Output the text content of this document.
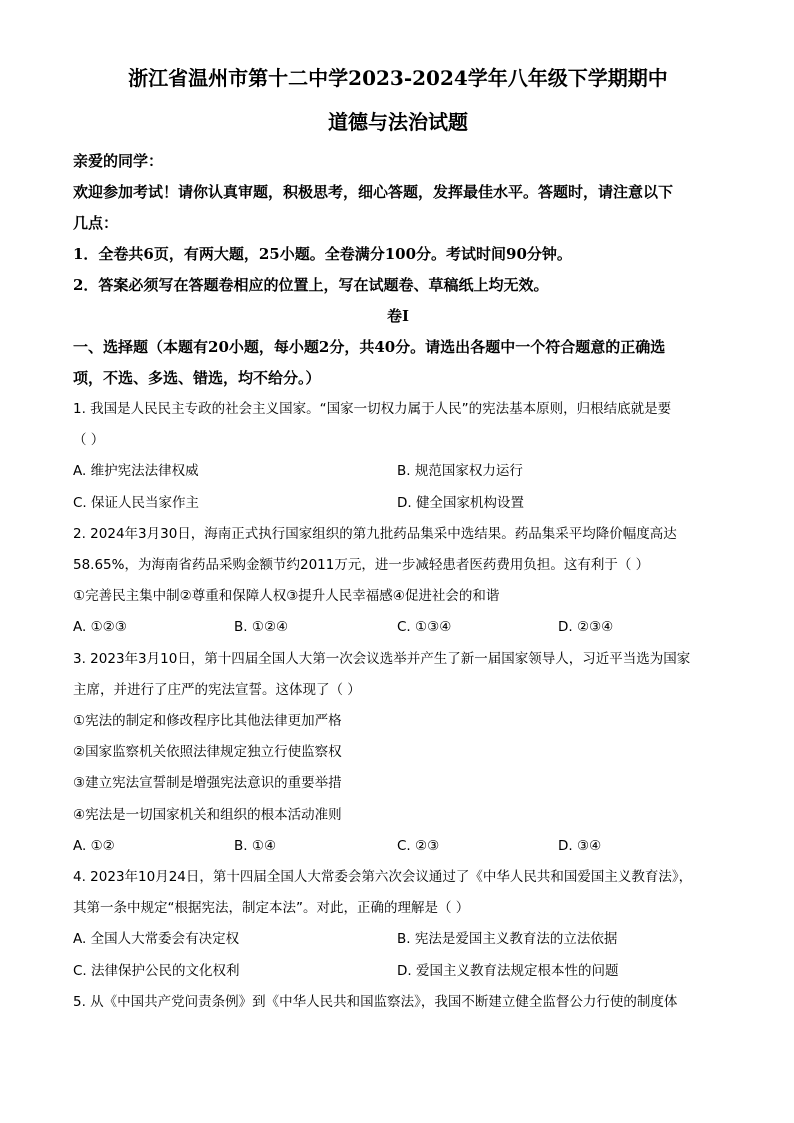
浙江省温州市第十二中学2023-2024学年八年级下学期期中

道德与法治试题

亲爱的同学：

欢迎参加考试！请你认真审题，积极思考，细心答题，发挥最佳水平。答题时，请注意以下

几点：

1．全卷共6页，有两大题，25小题。全卷满分100分。考试时间90分钟。

2．答案必须写在答题卷相应的位置上，写在试题卷、草稿纸上均无效。

卷Ⅰ

一、选择题（本题有20小题，每小题2分，共40分。请选出各题中一个符合题意的正确选

项，不选、多选、错选，均不给分。）

1. 我国是人民民主专政的社会主义国家。“国家一切权力属于人民”的宪法基本原则，归根结底就是要

（ ）

A. 维护宪法法律权威	B. 规范国家权力运行
C. 保证人民当家作主	D. 健全国家机构设置

2. 2024年3月30日，海南正式执行国家组织的第九批药品集采中选结果。药品集采平均降价幅度高达

58.65%，为海南省药品采购金额节约2011万元，进一步减轻患者医药费用负担。这有利于（ ）

①完善民主集中制②尊重和保障人权③提升人民幸福感④促进社会的和谐

A. ①②③	B. ①②④	C. ①③④	D. ②③④

3. 2023年3月10日，第十四届全国人大第一次会议选举并产生了新一届国家领导人，习近平当选为国家

主席，并进行了庄严的宪法宣誓。这体现了（ ）

①宪法的制定和修改程序比其他法律更加严格

②国家监察机关依照法律规定独立行使监察权

③建立宪法宣誓制是增强宪法意识的重要举措

④宪法是一切国家机关和组织的根本活动准则

A. ①②	B. ①④	C. ②③	D. ③④

4. 2023年10月24日，第十四届全国人大常委会第六次会议通过了《中华人民共和国爱国主义教育法》，

其第一条中规定“根据宪法，制定本法”。对此，正确的理解是（ ）

A. 全国人大常委会有决定权	B. 宪法是爱国主义教育法的立法依据
C. 法律保护公民的文化权利	D. 爱国主义教育法规定根本性的问题

5. 从《中国共产党问责条例》到《中华人民共和国监察法》，我国不断建立健全监督公力行使的制度体
